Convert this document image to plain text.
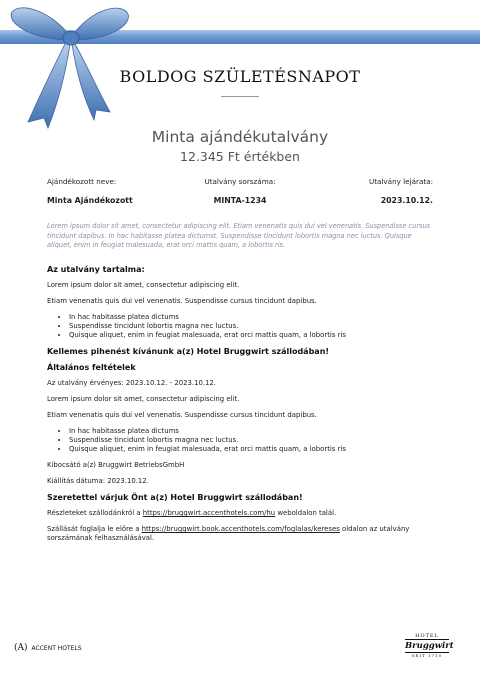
BOLDOG SZÜLETÉSNAPOT
Minta ajándékutalvány
12.345 Ft értékben
Ajándékozott neve:	Utalvány sorszáma:	Utalvány lejárata:
Minta Ajándékozott	MINTA-1234	2023.10.12.
Lorem ipsum dolor sit amet, consectetur adipiscing elit. Etiam venenatis quis dui vel venenatis. Suspendisse cursus tincidunt dapibus. In hac habitasse platea dictumst. Suspendisse tincidunt lobortis magna nec luctus. Quisque aliquet, enim in feugiat malesuada, erat orci mattis quam, a lobortis ris.
Az utalvány tartalma:

Lorem ipsum dolor sit amet, consectetur adipiscing elit.

Etiam venenatis quis dui vel venenatis. Suspendisse cursus tincidunt dapibus.

• In hac habitasse platea dictums
• Suspendisse tincidunt lobortis magna nec luctus.
• Quisque aliquet, enim in feugiat malesuada, erat orci mattis quam, a lobortis ris
Kellemes pihenést kívánunk a(z) Hotel Bruggwirt szállodában!
Általános feltételek

Az utalvány érvényes: 2023.10.12. - 2023.10.12.

Lorem ipsum dolor sit amet, consectetur adipiscing elit.

Etiam venenatis quis dui vel venenatis. Suspendisse cursus tincidunt dapibus.

• In hac habitasse platea dictums
• Suspendisse tincidunt lobortis magna nec luctus.
• Quisque aliquet, enim in feugiat malesuada, erat orci mattis quam, a lobortis ris

Kibocsátó a(z) Bruggwirt BetriebsGmbH

Kiállítás dátuma: 2023.10.12.

Szeretettel várjuk Önt a(z) Hotel Bruggwirt szállodában!

Részleteket szállodánkról a https://bruggwirt.accenthotels.com/hu weboldalon talál.

Szállását foglalja le előre a https://bruggwirt.book.accenthotels.com/foglalas/kereses oldalon az utalvány sorszámának felhasználásával.

(A) ACCENT HOTELS
HOTEL
Bruggwirt
SEIT 1710
